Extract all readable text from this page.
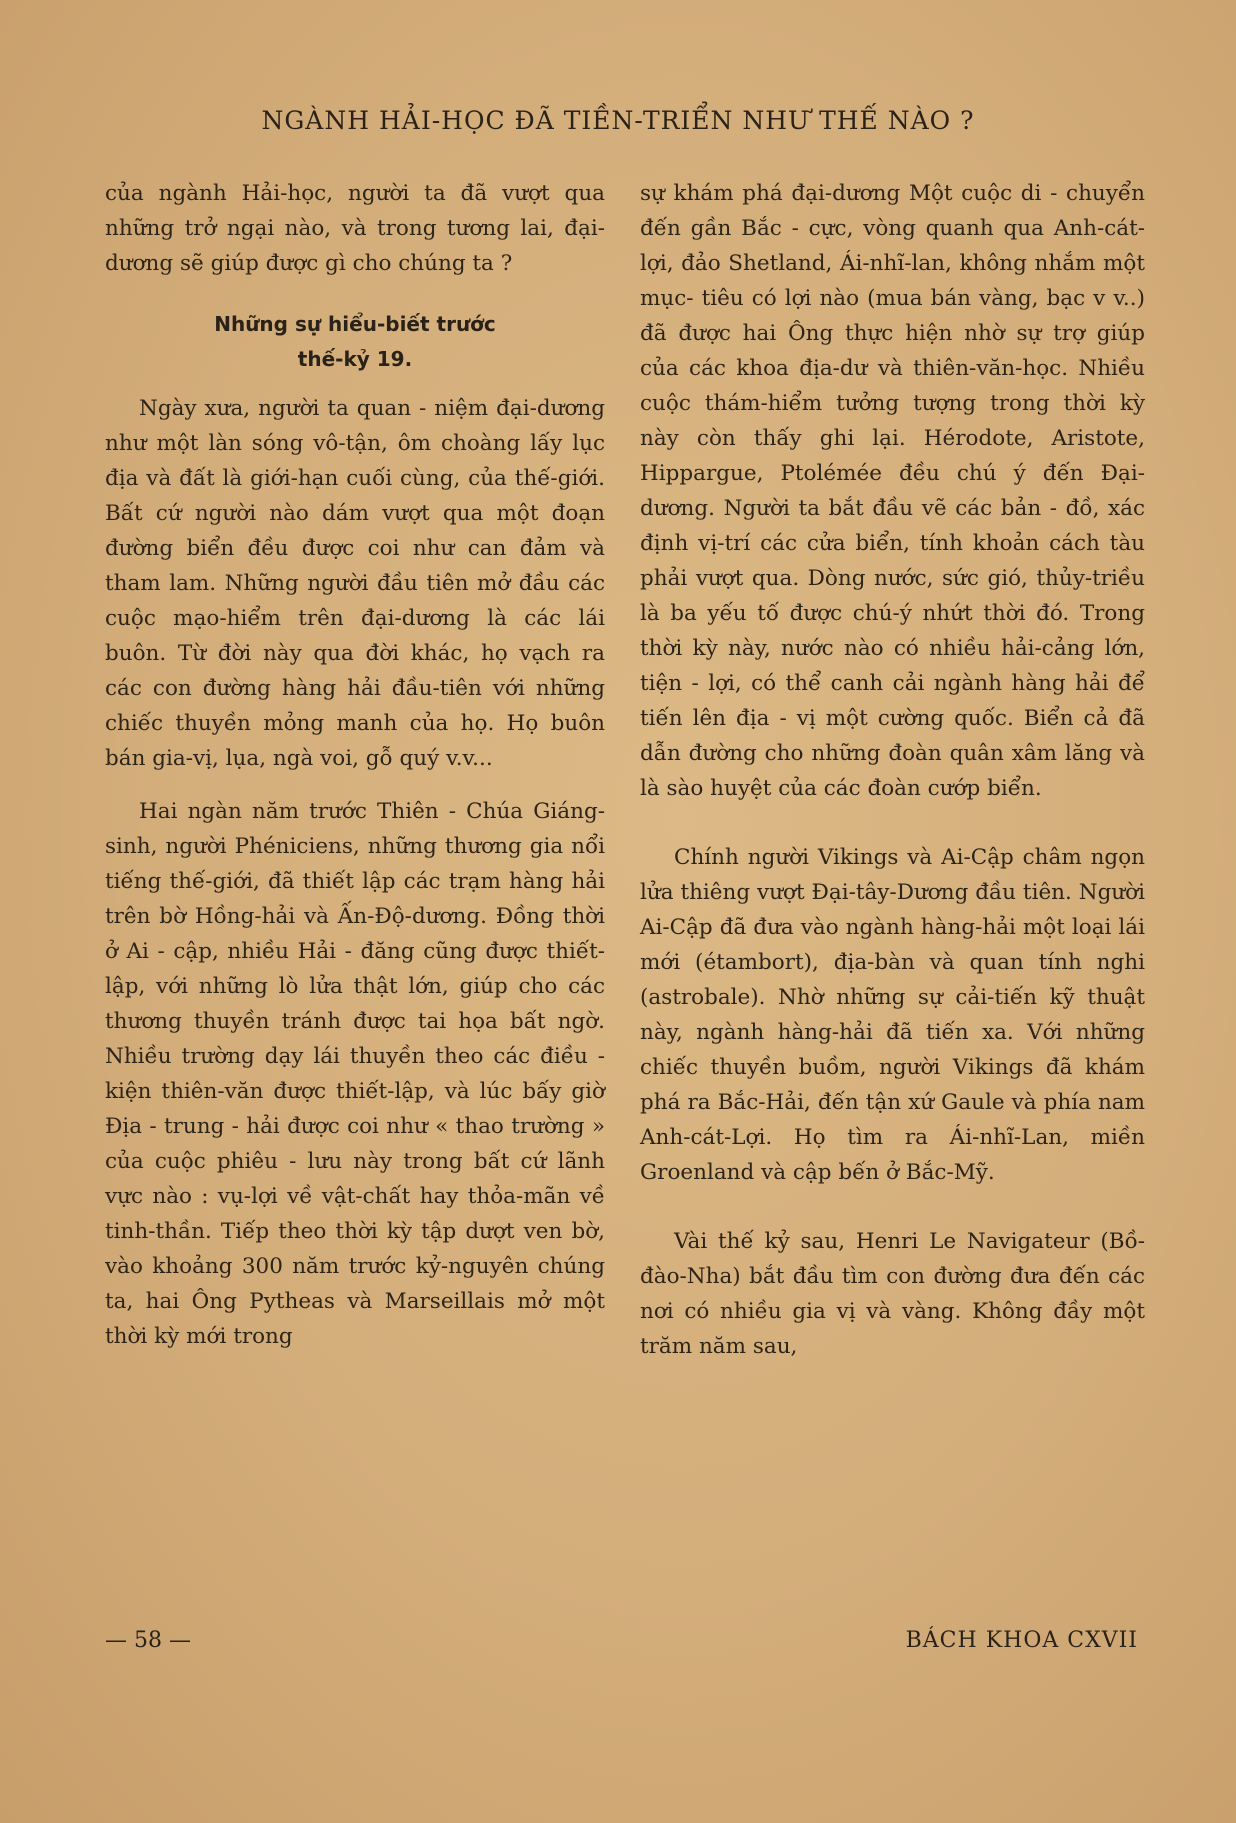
NGÀNH HẢI-HỌC ĐÃ TIỀN-TRIỂN NHƯ THẾ NÀO ?

của ngành Hải-học, người ta đã vượt qua những trở ngại nào, và trong tương lai, đại-dương sẽ giúp được gì cho chúng ta ?

Những sự hiểu-biết trước
thế-kỷ 19.

Ngày xưa, người ta quan - niệm đại-dương như một làn sóng vô-tận, ôm choàng lấy lục địa và đất là giới-hạn cuối cùng, của thế-giới. Bất cứ người nào dám vượt qua một đoạn đường biển đều được coi như can đảm và tham lam. Những người đầu tiên mở đầu các cuộc mạo-hiểm trên đại-dương là các lái buôn. Từ đời này qua đời khác, họ vạch ra các con đường hàng hải đầu-tiên với những chiếc thuyền mỏng manh của họ. Họ buôn bán gia-vị, lụa, ngà voi, gỗ quý v.v...

Hai ngàn năm trước Thiên - Chúa Giáng-sinh, người Phéniciens, những thương gia nổi tiếng thế-giới, đã thiết lập các trạm hàng hải trên bờ Hồng-hải và Ấn-Độ-dương. Đồng thời ở Ai - cập, nhiều Hải - đăng cũng được thiết-lập, với những lò lửa thật lớn, giúp cho các thương thuyền tránh được tai họa bất ngờ. Nhiều trường dạy lái thuyền theo các điều - kiện thiên-văn được thiết-lập, và lúc bấy giờ Địa - trung - hải được coi như « thao trường » của cuộc phiêu - lưu này trong bất cứ lãnh vực nào : vụ-lợi về vật-chất hay thỏa-mãn về tinh-thần. Tiếp theo thời kỳ tập dượt ven bờ, vào khoảng 300 năm trước kỷ-nguyên chúng ta, hai Ông Pytheas và Marseillais mở một thời kỳ mới trong

sự khám phá đại-dương Một cuộc di - chuyển đến gần Bắc - cực, vòng quanh qua Anh-cát-lợi, đảo Shetland, Ái-nhĩ-lan, không nhắm một mục- tiêu có lợi nào (mua bán vàng, bạc v v..) đã được hai Ông thực hiện nhờ sự trợ giúp của các khoa địa-dư và thiên-văn-học. Nhiều cuộc thám-hiểm tưởng tượng trong thời kỳ này còn thấy ghi lại. Hérodote, Aristote, Hippargue, Ptolémée đều chú ý đến Đại-dương. Người ta bắt đầu vẽ các bản - đồ, xác định vị-trí các cửa biển, tính khoản cách tàu phải vượt qua. Dòng nước, sức gió, thủy-triều là ba yếu tố được chú-ý nhứt thời đó. Trong thời kỳ này, nước nào có nhiều hải-cảng lớn, tiện - lợi, có thể canh cải ngành hàng hải để tiến lên địa - vị một cường quốc. Biển cả đã dẫn đường cho những đoàn quân xâm lăng và là sào huyệt của các đoàn cướp biển.

Chính người Vikings và Ai-Cập châm ngọn lửa thiêng vượt Đại-tây-Dương đầu tiên. Người Ai-Cập đã đưa vào ngành hàng-hải một loại lái mới (étambort), địa-bàn và quan tính nghi (astrobale). Nhờ những sự cải-tiến kỹ thuật này, ngành hàng-hải đã tiến xa. Với những chiếc thuyền buồm, người Vikings đã khám phá ra Bắc-Hải, đến tận xứ Gaule và phía nam Anh-cát-Lợi. Họ tìm ra Ái-nhĩ-Lan, miền Groenland và cập bến ở Bắc-Mỹ.

Vài thế kỷ sau, Henri Le Navigateur (Bồ-đào-Nha) bắt đầu tìm con đường đưa đến các nơi có nhiều gia vị và vàng. Không đầy một trăm năm sau,

— 58 —	BÁCH KHOA CXVII
